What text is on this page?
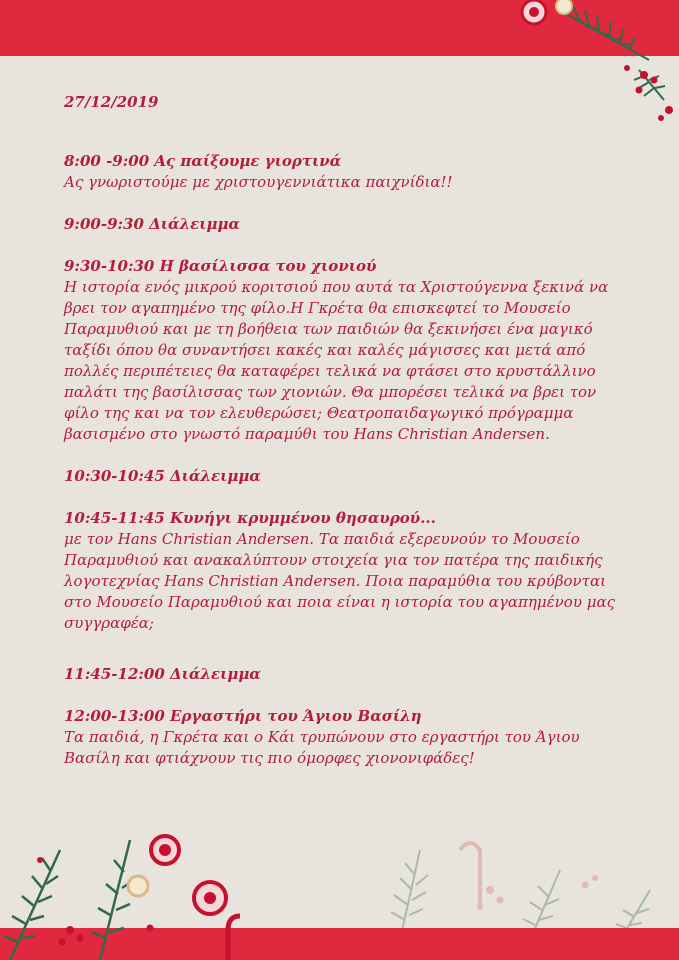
27/12/2019

8:00 -9:00 Ας παίξουμε γιορτινά

Ας γνωριστούμε με χριστουγεννιάτικα παιχνίδια!!

9:00-9:30 Διάλειμμα

9:30-10:30 Η βασίλισσα του χιονιού

Η ιστορία ενός μικρού κοριτσιού που αυτά τα Χριστούγεννα ξεκινά να βρει τον αγαπημένο της φίλο.Η Γκρέτα θα επισκεφτεί το Μουσείο Παραμυθιού και με τη βοήθεια των παιδιών θα ξεκινήσει ένα μαγικό ταξίδι όπου θα συναντήσει κακές και καλές μάγισσες και μετά από πολλές περιπέτειες θα καταφέρει τελικά να φτάσει στο κρυστάλλινο παλάτι της βασίλισσας των χιονιών. Θα μπορέσει τελικά να βρει τον φίλο της και να τον ελευθερώσει; Θεατροπαιδαγωγικό πρόγραμμα βασισμένο στο γνωστό παραμύθι του Hans Christian Andersen.

10:30-10:45 Διάλειμμα

10:45-11:45 Κυνήγι κρυμμένου θησαυρού...

με τον Hans Christian Andersen. Τα παιδιά εξερευνούν το Μουσείο Παραμυθιού και ανακαλύπτουν στοιχεία για τον πατέρα της παιδικής λογοτεχνίας Hans Christian Andersen. Ποια παραμύθια του κρύβονται στο Μουσείο Παραμυθιού και ποια είναι η ιστορία του αγαπημένου μας συγγραφέα;

11:45-12:00 Διάλειμμα

12:00-13:00 Εργαστήρι του Άγιου Βασίλη

Τα παιδιά, η Γκρέτα και ο Κάι τρυπώνουν στο εργαστήρι του Άγιου Βασίλη και φτιάχνουν τις πιο όμορφες χιονονιφάδες!
